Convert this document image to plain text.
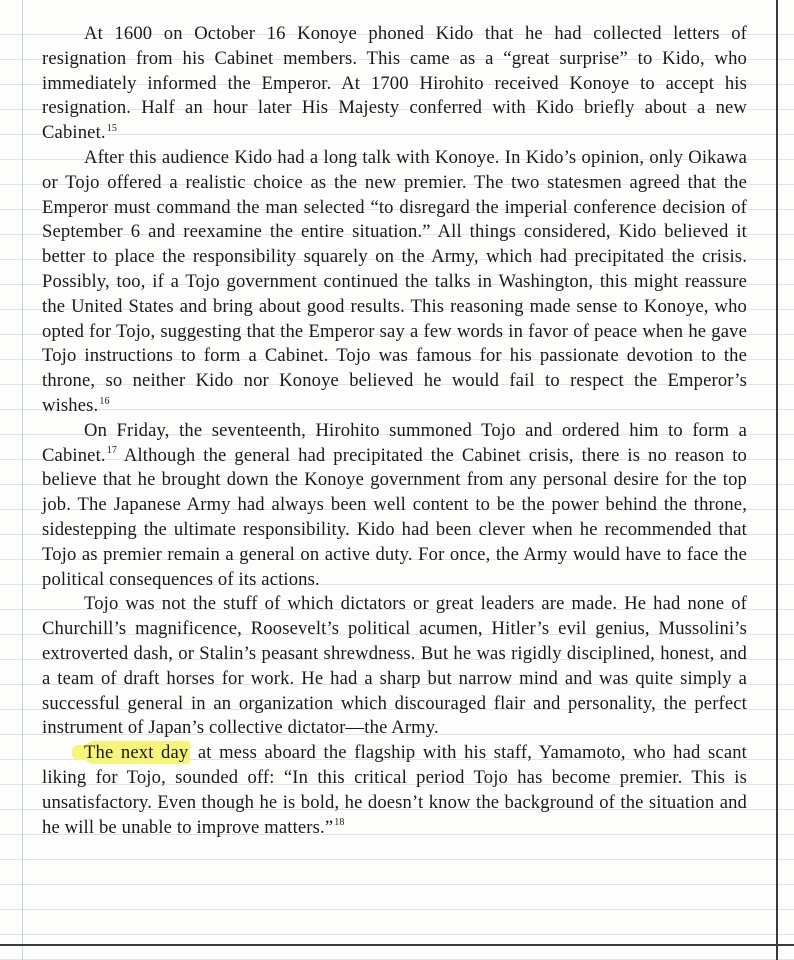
At 1600 on October 16 Konoye phoned Kido that he had collected letters of resignation from his Cabinet members. This came as a “great surprise” to Kido, who immediately informed the Emperor. At 1700 Hirohito received Konoye to accept his resignation. Half an hour later His Majesty conferred with Kido briefly about a new Cabinet.$^{15}$

After this audience Kido had a long talk with Konoye. In Kido’s opinion, only Oikawa or Tojo offered a realistic choice as the new premier. The two statesmen agreed that the Emperor must command the man selected “to disregard the imperial conference decision of September 6 and reexamine the entire situation.” All things considered, Kido believed it better to place the responsibility squarely on the Army, which had precipitated the crisis. Possibly, too, if a Tojo government continued the talks in Washington, this might reassure the United States and bring about good results. This reasoning made sense to Konoye, who opted for Tojo, suggesting that the Emperor say a few words in favor of peace when he gave Tojo instructions to form a Cabinet. Tojo was famous for his passionate devotion to the throne, so neither Kido nor Konoye believed he would fail to respect the Emperor’s wishes.$^{16}$

On Friday, the seventeenth, Hirohito summoned Tojo and ordered him to form a Cabinet.$^{17}$ Although the general had precipitated the Cabinet crisis, there is no reason to believe that he brought down the Konoye government from any personal desire for the top job. The Japanese Army had always been well content to be the power behind the throne, sidestepping the ultimate responsibility. Kido had been clever when he recommended that Tojo as premier remain a general on active duty. For once, the Army would have to face the political consequences of its actions.

Tojo was not the stuff of which dictators or great leaders are made. He had none of Churchill’s magnificence, Roosevelt’s political acumen, Hitler’s evil genius, Mussolini’s extroverted dash, or Stalin’s peasant shrewdness. But he was rigidly disciplined, honest, and a team of draft horses for work. He had a sharp but narrow mind and was quite simply a successful general in an organization which discouraged flair and personality, the perfect instrument of Japan’s collective dictator—the Army.

The next day at mess aboard the flagship with his staff, Yamamoto, who had scant liking for Tojo, sounded off: “In this critical period Tojo has become premier. This is unsatisfactory. Even though he is bold, he doesn’t know the background of the situation and he will be unable to improve matters.”$^{18}$
